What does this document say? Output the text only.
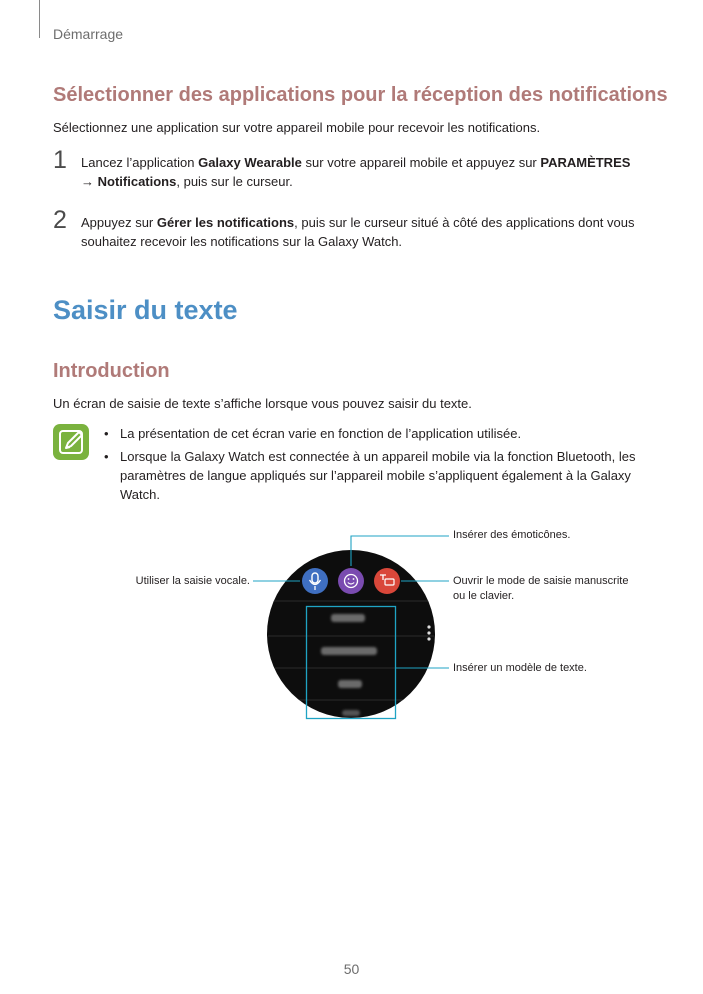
Démarrage
Sélectionner des applications pour la réception des notifications
Sélectionnez une application sur votre appareil mobile pour recevoir les notifications.
1 Lancez l’application Galaxy Wearable sur votre appareil mobile et appuyez sur PARAMÈTRES
→ Notifications, puis sur le curseur.
2 Appuyez sur Gérer les notifications, puis sur le curseur situé à côté des applications dont vous
souhaitez recevoir les notifications sur la Galaxy Watch.
Saisir du texte
Introduction
Un écran de saisie de texte s’affiche lorsque vous pouvez saisir du texte.
• La présentation de cet écran varie en fonction de l’application utilisée.
• Lorsque la Galaxy Watch est connectée à un appareil mobile via la fonction Bluetooth, les paramètres de langue appliqués sur l’appareil mobile s’appliquent également à la Galaxy Watch.
Insérer des émoticônes.
Utiliser la saisie vocale.	Ouvrir le mode de saisie manuscrite
ou le clavier.
Insérer un modèle de texte.
50
